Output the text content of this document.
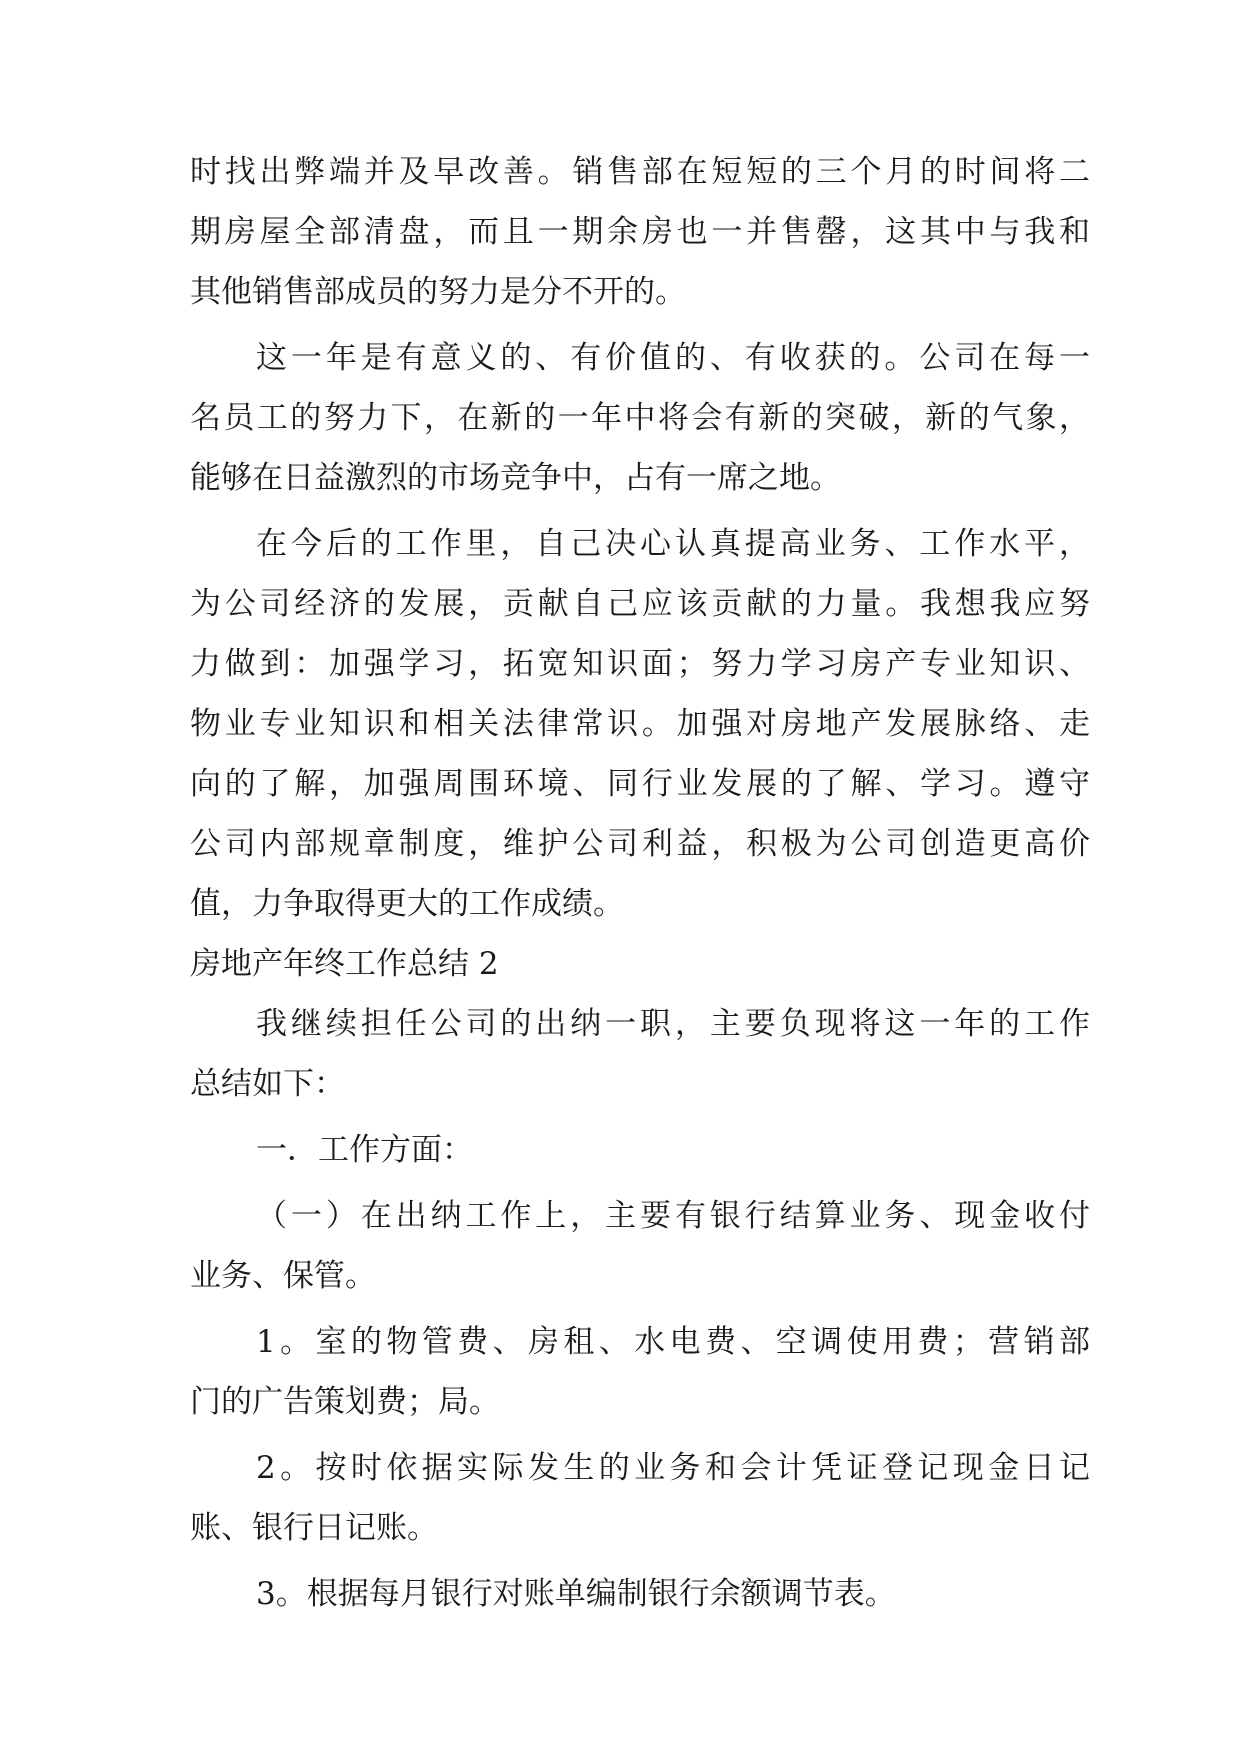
时找出弊端并及早改善。销售部在短短的三个月的时间将二
期房屋全部清盘，而且一期余房也一并售罄，这其中与我和
其他销售部成员的努力是分不开的。
这一年是有意义的、有价值的、有收获的。公司在每一
名员工的努力下，在新的一年中将会有新的突破，新的气象，
能够在日益激烈的市场竞争中，占有一席之地。
在今后的工作里，自己决心认真提高业务、工作水平，
为公司经济的发展，贡献自己应该贡献的力量。我想我应努
力做到：加强学习，拓宽知识面；努力学习房产专业知识、
物业专业知识和相关法律常识。加强对房地产发展脉络、走
向的了解，加强周围环境、同行业发展的了解、学习。遵守
公司内部规章制度，维护公司利益，积极为公司创造更高价
值，力争取得更大的工作成绩。
房地产年终工作总结 2
我继续担任公司的出纳一职，主要负现将这一年的工作
总结如下：
一．工作方面：
（一）在出纳工作上，主要有银行结算业务、现金收付
业务、保管。
1。室的物管费、房租、水电费、空调使用费；营销部
门的广告策划费；局。
2。按时依据实际发生的业务和会计凭证登记现金日记
账、银行日记账。
3。根据每月银行对账单编制银行余额调节表。
